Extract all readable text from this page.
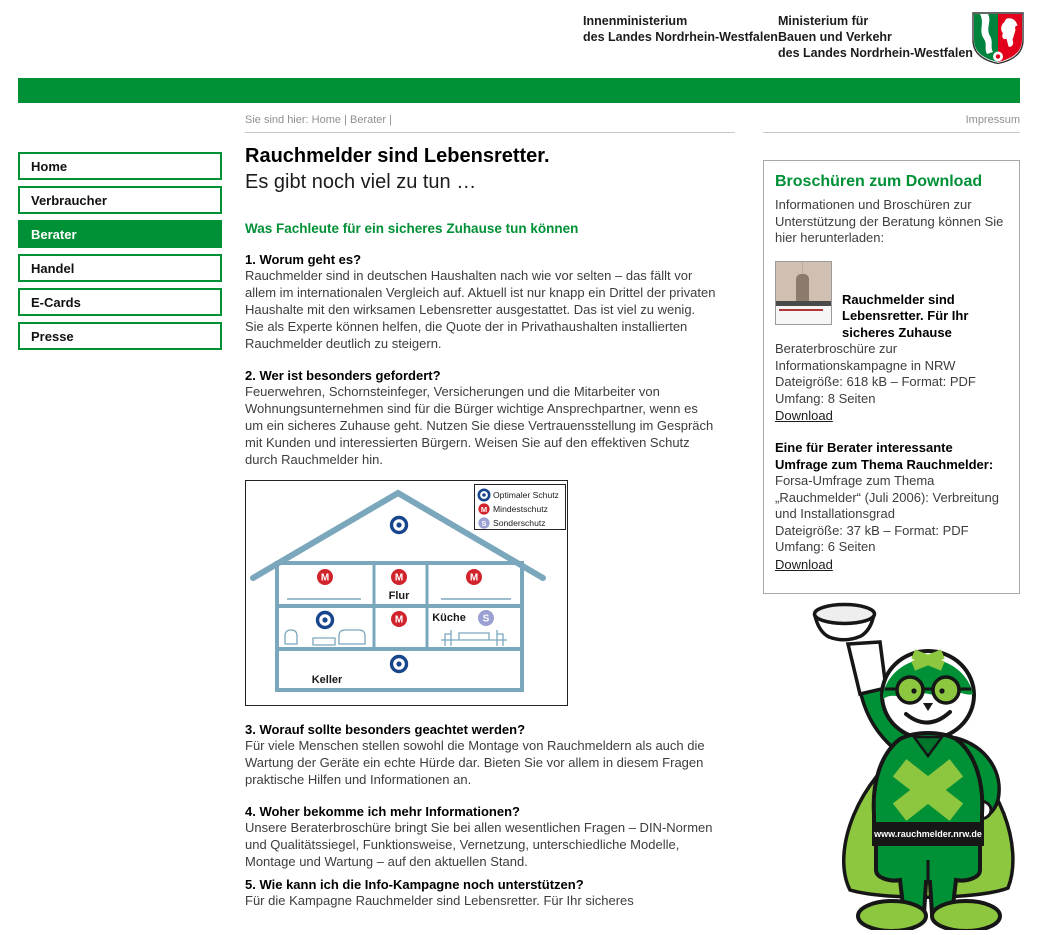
Innenministerium
des Landes Nordrhein-Westfalen
Ministerium für
Bauen und Verkehr
des Landes Nordrhein-Westfalen
Sie sind hier: Home | Berater |	Impressum
Home
Verbraucher
Berater
Handel
E-Cards
Presse
Rauchmelder sind Lebensretter.
Es gibt noch viel zu tun …
Was Fachleute für ein sicheres Zuhause tun können
1. Worum geht es?

Rauchmelder sind in deutschen Haushalten nach wie vor selten – das fällt vor allem im internationalen Vergleich auf. Aktuell ist nur knapp ein Drittel der privaten Haushalte mit den wirksamen Lebensretter ausgestattet. Das ist viel zu wenig. Sie als Experte können helfen, die Quote der in Privathaushalten installierten Rauchmelder deutlich zu steigern.

2. Wer ist besonders gefordert?

Feuerwehren, Schornsteinfeger, Versicherungen und die Mitarbeiter von Wohnungsunternehmen sind für die Bürger wichtige Ansprechpartner, wenn es um ein sicheres Zuhause geht. Nutzen Sie diese Vertrauensstellung im Gespräch mit Kunden und interessierten Bürgern. Weisen Sie auf den effektiven Schutz durch Rauchmelder hin.

M	M	M
Flur
M	Küche S
Keller
Optimaler Schutz
M Mindestschutz
S Sonderschutz
3. Worauf sollte besonders geachtet werden?

Für viele Menschen stellen sowohl die Montage von Rauchmeldern als auch die Wartung der Geräte ein echte Hürde dar. Bieten Sie vor allem in diesem Fragen praktische Hilfen und Informationen an.

4. Woher bekomme ich mehr Informationen?

Unsere Beraterbroschüre bringt Sie bei allen wesentlichen Fragen – DIN-Normen und Qualitätssiegel, Funktionsweise, Vernetzung, unterschiedliche Modelle, Montage und Wartung – auf den aktuellen Stand.

5. Wie kann ich die Info-Kampagne noch unterstützen?

Für die Kampagne Rauchmelder sind Lebensretter. Für Ihr sicheres

Broschüren zum Download

Informationen und Broschüren zur Unterstützung der Beratung können Sie hier herunterladen:

Rauchmelder sind Lebensretter. Für Ihr sicheres Zuhause

Beraterbroschüre zur Informationskampagne in NRW

Dateigröße: 618 kB – Format: PDF

Umfang: 8 Seiten

Download
Eine für Berater interessante Umfrage zum Thema Rauchmelder:

Forsa-Umfrage zum Thema „Rauchmelder“ (Juli 2006): Verbreitung und Installationsgrad

Dateigröße: 37 kB – Format: PDF

Umfang: 6 Seiten

Download
www.rauchmelder.nrw.de
